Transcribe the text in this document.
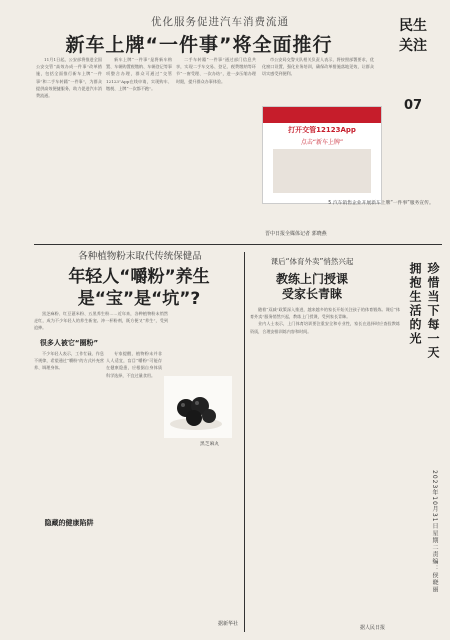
优化服务促进汽车消费流通
新车上牌“一件事”将全面推行

11月1日起，公安部将推进全国公安交管“高效办成一件事”改革措施，包括全面推行新车上牌“一件事”和二手车转籍“一件事”，为群众提供高效便捷服务，助力促进汽车消费流通。

新车上牌“一件事”是将新车购置、车辆购置税缴纳、车辆登记等事项整合办理，群众可通过“交管12123”App在线申请，实现购车、缴税、上牌“一次都不跑”。

二手车转籍“一件事”通过部门信息共享，实现二手车交易、登记、税费缴纳等环节“一窗受理、一次办结”，进一步压缩办理时限，提升群众办事体验。

市公安局交警支队相关负责人表示，将按照部署要求，优化窗口设置，强化业务培训，确保改革措施落地见效，让群众切实感受到便利。

晋中日报全媒体记者 郭晓燕
民生
关注
07
打开交管12123App
点击“新车上牌”
5 汽车销售企业开展新车上牌“一件事”服务宣传。
各种植物粉末取代传统保健品
年轻人“嚼粉”养生
是“宝”是“坑”?

黑芝麻粉、红豆薏米粉、五黑养生粉……近年来，各种植物粉末悄然走红，成为不少年轻人的养生新宠。冲一杯粉剂，既方便又“养生”，受到追捧。

很多人被它“圈粉”

不少年轻人表示，工作忙碌、作息不规律，希望通过“嚼粉”的方式补充营养、调理身体。

专家提醒，植物粉末并非人人适宜，盲目“嚼粉”可能存在健康隐患，应根据自身体质科学选择，不宜过量食用。

隐藏的健康陷阱
黑芝麻丸
据新华社
课后“体育外卖”悄然兴起
教练上门授课
受家长青睐

随着“双减”政策深入推进，越来越多的家长开始关注孩子的体育锻炼。课后“体育外卖”服务悄然兴起，教练上门授课，受到家长青睐。

业内人士表示，上门体育培训要注重安全和专业性，家长在选择时应查验教练资质，合理安排训练内容和时间。

据人民日报
珍惜当下每一天
拥抱生活的光
2023年10月31日
星期二
责编：侯晓丽
